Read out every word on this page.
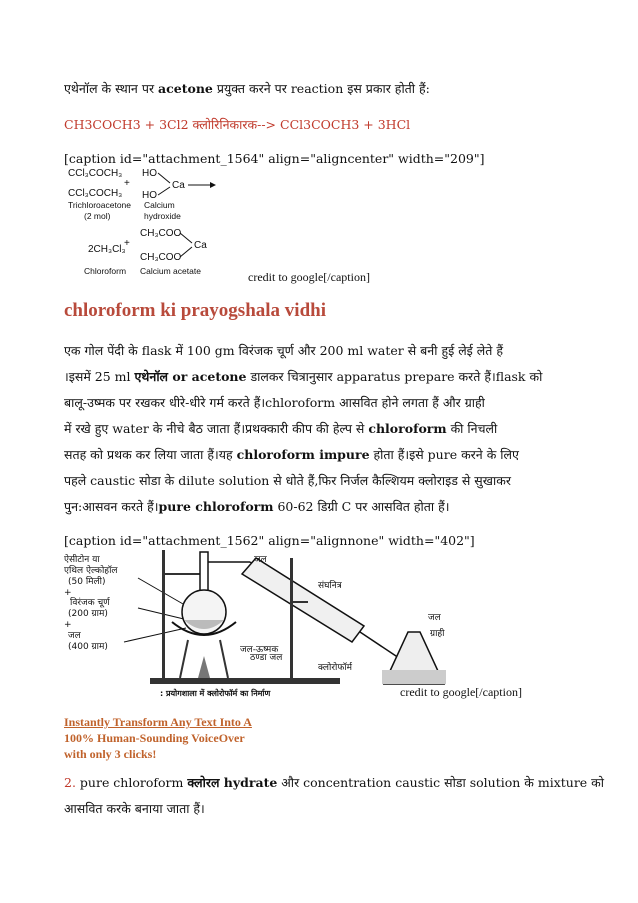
एथेनॉल के स्थान पर acetone प्रयुक्त करने पर reaction इस प्रकार होती हैं:
CH3COCH3 + 3Cl2 क्लोरिनिकारक--> CCl3COCH3 + 3HCl
[caption id="attachment_1564" align="aligncenter" width="209"]
CCl₃COCH₃
+
CCl₃COCH₃
Trichloroacetone
(2 mol)
HO
HO
Ca
Calcium
hydroxide
CH₃COO
+
2CH₃Cl₃	Ca
CH₃COO
Chloroform Calcium acetate	credit to google[/caption]
chloroform ki prayogshala vidhi
एक गोल पेंदी के flask में 100 gm विरंजक चूर्ण और 200 ml water से बनी हुई लेई लेते हैं
।इसमें 25 ml एथेनॉल or acetone डालकर चित्रानुसार apparatus prepare करते हैं।flask को
बालू-उष्मक पर रखकर धीरे-धीरे गर्म करते हैं।chloroform आसवित होने लगता हैं और ग्राही
में रखे हुए water के नीचे बैठ जाता हैं।प्रथक्कारी कीप की हेल्प से chloroform की निचली
सतह को प्रथक कर लिया जाता हैं।यह chloroform impure होता हैं।इसे pure करने के लिए
पहले caustic सोडा के dilute solution से धोते हैं,फिर निर्जल कैल्शियम क्लोराइड से सुखाकर
पुन:आसवन करते हैं।pure chloroform 60-62 डिग्री C पर आसवित होता हैं।
[caption id="attachment_1562" align="alignnone" width="402"]
ऐसीटोन या
एथिल ऐल्कोहॉल
(50 मिली)
+
विरंजक चूर्ण
(200 ग्राम)
+
जल
(400 ग्राम)	जल-ऊष्मक
जल
संघनित्र
ठण्डा जल
जल
ग्राही
क्लोरोफॉर्म
: प्रयोगशाला में क्लोरोफॉर्म का निर्माण	credit to google[/caption]
Instantly Transform Any Text Into A
100% Human-Sounding VoiceOver
with only 3 clicks!
2. pure chloroform क्लोरल hydrate और concentration caustic सोडा solution के mixture को
आसवित करके बनाया जाता हैं।
